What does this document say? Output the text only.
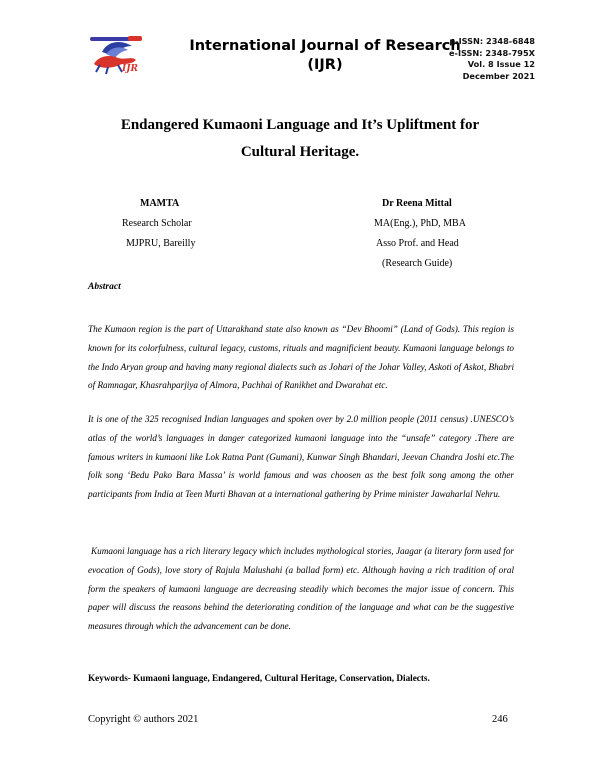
IJR
International Journal of Research
(IJR)
p-ISSN: 2348-6848
e-ISSN: 2348-795X
Vol. 8 Issue 12
December 2021
Endangered Kumaoni Language and It’s Upliftment for
Cultural Heritage.
MAMTA
Research Scholar
MJPRU, Bareilly
Dr Reena Mittal
MA(Eng.), PhD, MBA
Asso Prof. and Head
(Research Guide)
Abstract
The Kumaon region is the part of Uttarakhand state also known as “Dev Bhoomi” (Land of Gods). This region is known for its colorfulness, cultural legacy, customs, rituals and magnificient beauty. Kumaoni language belongs to the Indo Aryan group and having many regional dialects such as Johari of the Johar Valley, Askoti of Askot, Bhabri of Ramnagar, Khasrahparjiya of Almora, Pachhai of Ranikhet and Dwarahat etc.
It is one of the 325 recognised Indian languages and spoken over by 2.0 million people (2011 census) .UNESCO’s atlas of the world’s languages in danger categorized kumaoni language into the “unsafe” category .There are famous writers in kumaoni like Lok Ratna Pant (Gumani), Kunwar Singh Bhandari, Jeevan Chandra Joshi etc.The folk song ‘Bedu Pako Bara Massa’ is world famous and was choosen as the best folk song among the other participants from India at Teen Murti Bhavan at a international gathering by Prime minister Jawaharlal Nehru.
Kumaoni language has a rich literary legacy which includes mythological stories, Jaagar (a literary form used for evocation of Gods), love story of Rajula Malushahi (a ballad form) etc. Although having a rich tradition of oral form the speakers of kumaoni language are decreasing steadily which becomes the major issue of concern. This paper will discuss the reasons behind the deteriorating condition of the language and what can be the suggestive measures through which the advancement can be done.
Keywords- Kumaoni language, Endangered, Cultural Heritage, Conservation, Dialects.
Copyright © authors 2021	246
